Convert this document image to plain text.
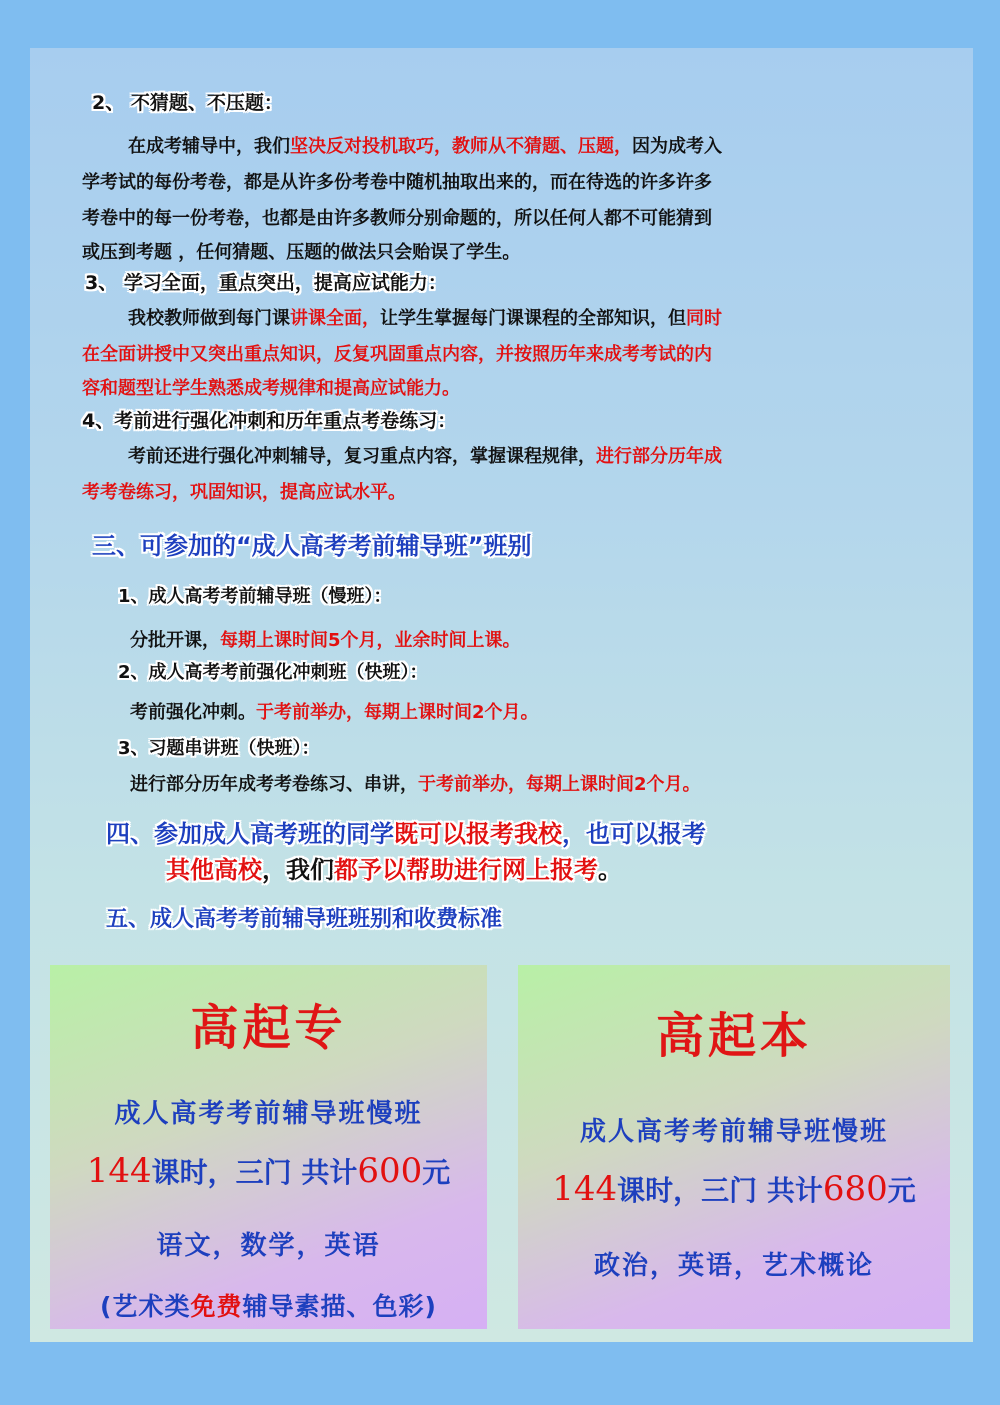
2、 不猜题、不压题：

在成考辅导中，我们坚决反对投机取巧，教师从不猜题、压题，因为成考入

学考试的每份考卷，都是从许多份考卷中随机抽取出来的，而在待选的许多许多

考卷中的每一份考卷，也都是由许多教师分别命题的，所以任何人都不可能猜到

或压到考题 ，任何猜题、压题的做法只会贻误了学生。

3、 学习全面，重点突出，提高应试能力：

我校教师做到每门课讲课全面，让学生掌握每门课课程的全部知识，但同时

在全面讲授中又突出重点知识，反复巩固重点内容，并按照历年来成考考试的内

容和题型让学生熟悉成考规律和提高应试能力。

4、考前进行强化冲刺和历年重点考卷练习：

考前还进行强化冲刺辅导，复习重点内容，掌握课程规律，进行部分历年成

考考卷练习，巩固知识，提高应试水平。

三、可参加的“成人高考考前辅导班”班别

1、成人高考考前辅导班（慢班）：

分批开课，每期上课时间5个月，业余时间上课。

2、成人高考考前强化冲刺班（快班）：

考前强化冲刺。于考前举办，每期上课时间2个月。

3、习题串讲班（快班）：

进行部分历年成考考卷练习、串讲，于考前举办，每期上课时间2个月。

四、参加成人高考班的同学既可以报考我校，也可以报考

其他高校，我们都予以帮助进行网上报考。

五、成人高考考前辅导班班别和收费标准

高起专
成人高考考前辅导班慢班
144课时，三门 共计600元
语文，数学，英语
(艺术类免费辅导素描、色彩)
高起本
成人高考考前辅导班慢班
144课时，三门 共计680元
政治，英语，艺术概论
